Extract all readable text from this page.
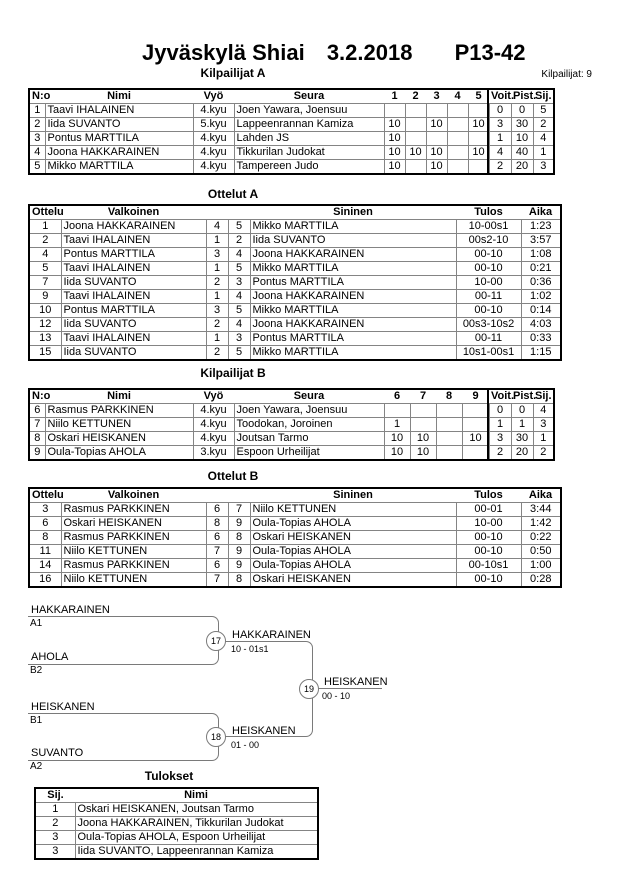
Jyväskylä Shiai 3.2.2018 P13-42
Kilpailijat A	Kilpailijat: 9
N:o	Nimi	Vyö	Seura	1	2	3	4	5	Voit.	Pist.	Sij.
1	Taavi IHALAINEN	4.kyu	Joen Yawara, Joensuu						0	0	5
2	Iida SUVANTO	5.kyu	Lappeenrannan Kamiza	10		10		10	3	30	2
3	Pontus MARTTILA	4.kyu	Lahden JS	10					1	10	4
4	Joona HAKKARAINEN	4.kyu	Tikkurilan Judokat	10	10	10		10	4	40	1
5	Mikko MARTTILA	4.kyu	Tampereen Judo	10		10			2	20	3
Ottelut A
Ottelu	Valkoinen			Sininen	Tulos	Aika
1	Joona HAKKARAINEN	4	5	Mikko MARTTILA	10-00s1	1:23
2	Taavi IHALAINEN	1	2	Iida SUVANTO	00s2-10	3:57
4	Pontus MARTTILA	3	4	Joona HAKKARAINEN	00-10	1:08
5	Taavi IHALAINEN	1	5	Mikko MARTTILA	00-10	0:21
7	Iida SUVANTO	2	3	Pontus MARTTILA	10-00	0:36
9	Taavi IHALAINEN	1	4	Joona HAKKARAINEN	00-11	1:02
10	Pontus MARTTILA	3	5	Mikko MARTTILA	00-10	0:14
12	Iida SUVANTO	2	4	Joona HAKKARAINEN	00s3-10s2	4:03
13	Taavi IHALAINEN	1	3	Pontus MARTTILA	00-11	0:33
15	Iida SUVANTO	2	5	Mikko MARTTILA	10s1-00s1	1:15
Kilpailijat B
N:o	Nimi	Vyö	Seura	6	7	8	9	Voit.	Pist.	Sij.
6	Rasmus PARKKINEN	4.kyu	Joen Yawara, Joensuu					0	0	4
7	Niilo KETTUNEN	4.kyu	Toodokan, Joroinen	1				1	1	3
8	Oskari HEISKANEN	4.kyu	Joutsan Tarmo	10	10		10	3	30	1
9	Oula-Topias AHOLA	3.kyu	Espoon Urheilijat	10	10			2	20	2
Ottelut B
Ottelu	Valkoinen			Sininen	Tulos	Aika
3	Rasmus PARKKINEN	6	7	Niilo KETTUNEN	00-01	3:44
6	Oskari HEISKANEN	8	9	Oula-Topias AHOLA	10-00	1:42
8	Rasmus PARKKINEN	6	8	Oskari HEISKANEN	00-10	0:22
11	Niilo KETTUNEN	7	9	Oula-Topias AHOLA	00-10	0:50
14	Rasmus PARKKINEN	6	9	Oula-Topias AHOLA	00-10s1	1:00
16	Niilo KETTUNEN	7	8	Oskari HEISKANEN	00-10	0:28
HAKKARAINEN
A1
AHOLA
B2
HEISKANEN
B1
SUVANTO
A2
17
18
19
HAKKARAINEN
10 - 01s1
HEISKANEN
01 - 00
HEISKANEN
00 - 10
Tulokset
Sij.	Nimi
1	Oskari HEISKANEN, Joutsan Tarmo
2	Joona HAKKARAINEN, Tikkurilan Judokat
3	Oula-Topias AHOLA, Espoon Urheilijat
3	Iida SUVANTO, Lappeenrannan Kamiza
